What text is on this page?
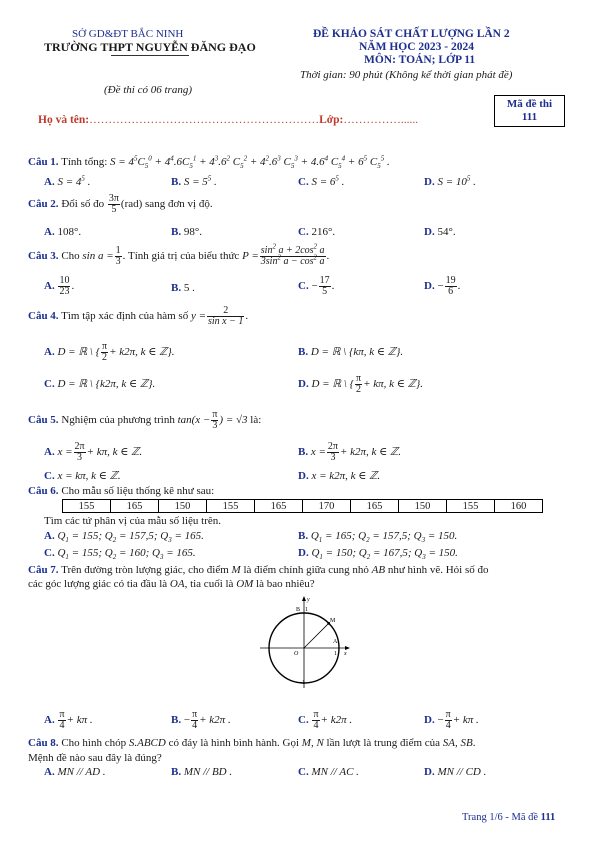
SỞ GD&ĐT BẮC NINH
TRƯỜNG THPT NGUYỄN ĐĂNG ĐẠO
ĐỀ KHẢO SÁT CHẤT LƯỢNG LẦN 2
NĂM HỌC 2023 - 2024
MÔN: TOÁN; LỚP 11
Thời gian: 90 phút (Không kể thời gian phát đề)
(Đề thi có 06 trang)
Mã đề thi
111
Họ và tên:……………………………………………………Lớp:……………......
Câu 1. Tính tổng: $S = 4^5C_5^0 + 4^4.6C_5^1 + 4^3.6^2$ $C_5^2 + 4^2.6^3$ $C_5^3 + 4.6^4$ $C_5^4 + 6^5$ $C_5^5$ .
A. $S = 4^5$ .	B. $S = 5^5$ .	C. $S = 6^5$ .	D. $S = 10^5$ .
Câu 2. Đổi số đo $\frac{3\pi}{5} (rad)$ sang đơn vị độ.
A. 108°.	B. 98°.	C. 216°.	D. 54°.
Câu 3. Cho $\sin a = \frac{1}{3}$ . Tính giá trị của biểu thức $P = \frac{\sin^2 a + 2\cos^2 a}{3\sin^2 a - \cos^2 a}$ .
A. $\frac{10}{23}$ .	B. 5 .	C. − $\frac{17}{5}$ .	D. − $\frac{19}{6}$ .
Câu 4. Tìm tập xác định của hàm số $y = \frac{2}{\text{sin x − 1}}$ .
A. D = ℝ \ { $\frac{\pi}{2} + k2\pi$, k ∈ ℤ}.	B. D = ℝ \ {kπ, k ∈ ℤ}.
C. D = ℝ \ {k2π, k ∈ ℤ}.	D. D = ℝ \ { $\frac{\pi}{2} + k\pi$, k ∈ ℤ}.
Câu 5. Nghiệm của phương trình $\tan(x - \frac{\pi}{3}$ ) = √3 là:
A. $x = \frac{2\pi}{3} + k\pi$, k ∈ ℤ.	B. $x = \frac{2\pi}{3} + k2\pi$, k ∈ ℤ.
C. x = kπ, k ∈ ℤ.	D. x = k2π, k ∈ ℤ.
Câu 6. Cho mẫu số liệu thống kê như sau:
155	165	150	155	165	170	165	150	155	160
Tìm các tứ phân vị của mẫu số liệu trên.
A. $Q_1 = 155$; $Q_2 = 157,5$; $Q_3 = 165$.	B. $Q_1 = 165$; $Q_2 = 157,5$; $Q_3 = 150$.
C. $Q_1 = 155$; $Q_2 = 160$; $Q_3 = 165$.	D. $Q_1 = 150$; $Q_2 = 167,5$; $Q_3 = 150$.
Câu 7. Trên đường tròn lượng giác, cho điểm M là điểm chính giữa cung nhỏ AB như hình vẽ. Hỏi số đo
các góc lượng giác có tia đầu là OA, tia cuối là OM là bao nhiêu?
y
B 1
M
A
O	1 x
-1
A. $\frac{\pi}{4} + k\pi$ .	B. − $\frac{\pi}{4} + k2\pi$ .	C. $\frac{\pi}{4} + k2\pi$ .	D. − $\frac{\pi}{4} + k\pi$ .
Câu 8. Cho hình chóp S.ABCD có đáy là hình bình hành. Gọi M, N lần lượt là trung điểm của SA, SB.
Mệnh đề nào sau đây là đúng?
A. MN // AD .	B. MN // BD .	C. MN // AC .	D. MN // CD .
Trang 1/6 - Mã đề 111
